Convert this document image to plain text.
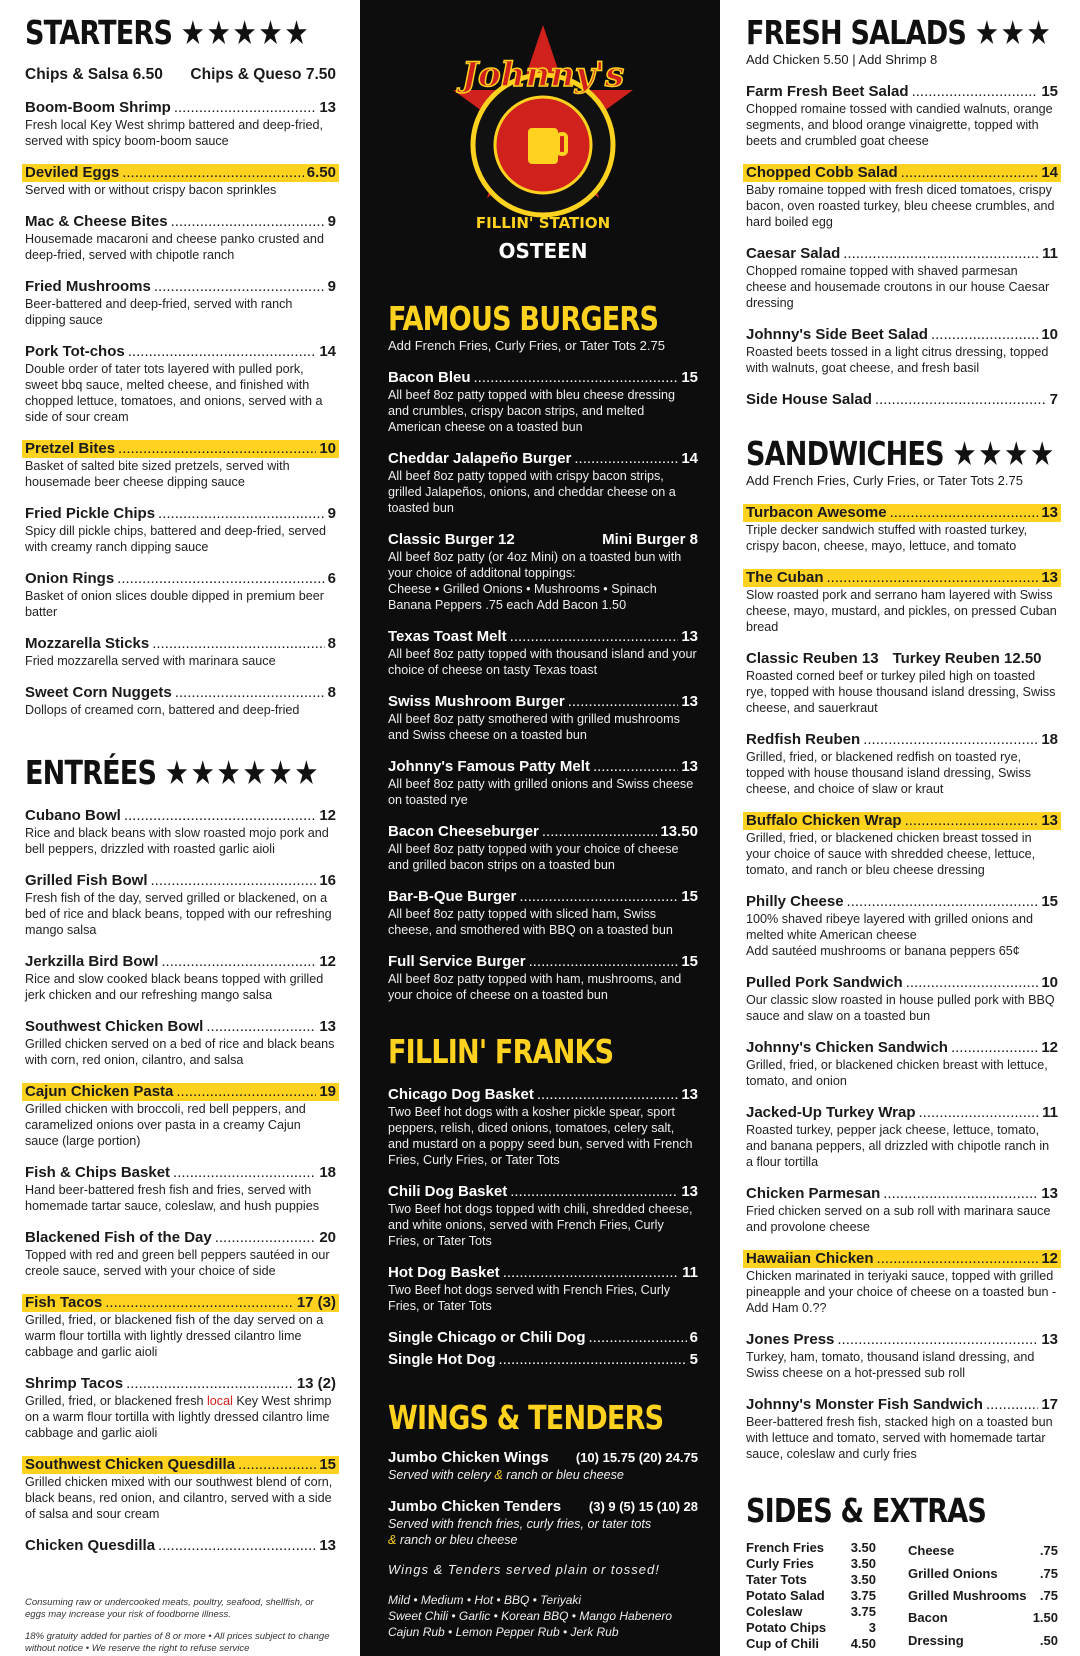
STARTERS ★★★★★
Chips & Salsa 6.50 Chips & Queso 7.50
Boom-Boom Shrimp .....	13
Fresh local Key West shrimp battered and deep-fried, served with spicy boom-boom sauce
Deviled Eggs .....	6.50
Served with or without crispy bacon sprinkles
Mac & Cheese Bites .....	9
Housemade macaroni and cheese panko crusted and deep-fried, served with chipotle ranch
Fried Mushrooms .....	9
Beer-battered and deep-fried, served with ranch dipping sauce
Pork Tot-chos .....	14
Double order of tater tots layered with pulled pork, sweet bbq sauce, melted cheese, and finished with chopped lettuce, tomatoes, and onions, served with a side of sour cream
Pretzel Bites .....	10
Basket of salted bite sized pretzels, served with housemade beer cheese dipping sauce
Fried Pickle Chips .....	9
Spicy dill pickle chips, battered and deep-fried, served with creamy ranch dipping sauce
Onion Rings .....	6
Basket of onion slices double dipped in premium beer batter
Mozzarella Sticks .....	8
Fried mozzarella served with marinara sauce
Sweet Corn Nuggets .....	8
Dollops of creamed corn, battered and deep-fried
ENTRÉES ★★★★★★
Cubano Bowl .....	12
Rice and black beans with slow roasted mojo pork and bell peppers, drizzled with roasted garlic aioli
Grilled Fish Bowl .....	16
Fresh fish of the day, served grilled or blackened, on a bed of rice and black beans, topped with our refreshing mango salsa
Jerkzilla Bird Bowl .....	12
Rice and slow cooked black beans topped with grilled jerk chicken and our refreshing mango salsa
Southwest Chicken Bowl .....	13
Grilled chicken served on a bed of rice and black beans with corn, red onion, cilantro, and salsa
Cajun Chicken Pasta .....	19
Grilled chicken with broccoli, red bell peppers, and caramelized onions over pasta in a creamy Cajun sauce (large portion)
Fish & Chips Basket .....	18
Hand beer-battered fresh fish and fries, served with homemade tartar sauce, coleslaw, and hush puppies
Blackened Fish of the Day .....	20
Topped with red and green bell peppers sautéed in our creole sauce, served with your choice of side
Fish Tacos .....	17 (3)
Grilled, fried, or blackened fish of the day served on a warm flour tortilla with lightly dressed cilantro lime cabbage and garlic aioli
Shrimp Tacos .....	13 (2)
Grilled, fried, or blackened fresh local Key West shrimp on a warm flour tortilla with lightly dressed cilantro lime cabbage and garlic aioli
Southwest Chicken Quesdilla .....	15
Grilled chicken mixed with our southwest blend of corn, black beans, red onion, and cilantro, served with a side of salsa and sour cream
Chicken Quesdilla .....	13
Consuming raw or undercooked meats, poultry, seafood, shellfish, or eggs may increase your risk of foodborne illness.
18% gratuity added for parties of 8 or more • All prices subject to change without notice • We reserve the right to refuse service
Johnny's
FILLIN' STATION
OSTEEN
FAMOUS BURGERS
Add French Fries, Curly Fries, or Tater Tots 2.75
Bacon Bleu .....	15
All beef 8oz patty topped with bleu cheese dressing and crumbles, crispy bacon strips, and melted American cheese on a toasted bun
Cheddar Jalapeño Burger .....	14
All beef 8oz patty topped with crispy bacon strips, grilled Jalapeños, onions, and cheddar cheese on a toasted bun
Classic Burger 12	Mini Burger 8
All beef 8oz patty (or 4oz Mini) on a toasted bun with your choice of additonal toppings:
Cheese • Grilled Onions • Mushrooms • Spinach
Banana Peppers .75 each Add Bacon 1.50
Texas Toast Melt .....	13
All beef 8oz patty topped with thousand island and your choice of cheese on tasty Texas toast
Swiss Mushroom Burger .....	13
All beef 8oz patty smothered with grilled mushrooms and Swiss cheese on a toasted bun
Johnny's Famous Patty Melt .....	13
All beef 8oz patty with grilled onions and Swiss cheese on toasted rye
Bacon Cheeseburger .....	13.50
All beef 8oz patty topped with your choice of cheese and grilled bacon strips on a toasted bun
Bar-B-Que Burger .....	15
All beef 8oz patty topped with sliced ham, Swiss cheese, and smothered with BBQ on a toasted bun
Full Service Burger .....	15
All beef 8oz patty topped with ham, mushrooms, and your choice of cheese on a toasted bun
FILLIN' FRANKS
Chicago Dog Basket .....	13
Two Beef hot dogs with a kosher pickle spear, sport peppers, relish, diced onions, tomatoes, celery salt, and mustard on a poppy seed bun, served with French Fries, Curly Fries, or Tater Tots
Chili Dog Basket .....	13
Two Beef hot dogs topped with chili, shredded cheese, and white onions, served with French Fries, Curly Fries, or Tater Tots
Hot Dog Basket .....	11
Two Beef hot dogs served with French Fries, Curly Fries, or Tater Tots
Single Chicago or Chili Dog .....	6
Single Hot Dog .....	5
WINGS & TENDERS
Jumbo Chicken Wings (10) 15.75 (20) 24.75
Served with celery & ranch or bleu cheese
Jumbo Chicken Tenders (3) 9 (5) 15 (10) 28
Served with french fries, curly fries, or tater tots
& ranch or bleu cheese
Wings & Tenders served plain or tossed!
Mild • Medium • Hot • BBQ • Teriyaki
Sweet Chili • Garlic • Korean BBQ • Mango Habenero
Cajun Rub • Lemon Pepper Rub • Jerk Rub
FRESH SALADS ★★★
Add Chicken 5.50 | Add Shrimp 8
Farm Fresh Beet Salad .....	15
Chopped romaine tossed with candied walnuts, orange segments, and blood orange vinaigrette, topped with beets and crumbled goat cheese
Chopped Cobb Salad .....	14
Baby romaine topped with fresh diced tomatoes, crispy bacon, oven roasted turkey, bleu cheese crumbles, and hard boiled egg
Caesar Salad .....	11
Chopped romaine topped with shaved parmesan cheese and housemade croutons in our house Caesar dressing
Johnny's Side Beet Salad .....	10
Roasted beets tossed in a light citrus dressing, topped with walnuts, goat cheese, and fresh basil
Side House Salad .....	7
SANDWICHES ★★★★
Add French Fries, Curly Fries, or Tater Tots 2.75
Turbacon Awesome .....	13
Triple decker sandwich stuffed with roasted turkey, crispy bacon, cheese, mayo, lettuce, and tomato
The Cuban .....	13
Slow roasted pork and serrano ham layered with Swiss cheese, mayo, mustard, and pickles, on pressed Cuban bread
Classic Reuben 13 Turkey Reuben 12.50
Roasted corned beef or turkey piled high on toasted rye, topped with house thousand island dressing, Swiss cheese, and sauerkraut
Redfish Reuben .....	18
Grilled, fried, or blackened redfish on toasted rye, topped with house thousand island dressing, Swiss cheese, and choice of slaw or kraut
Buffalo Chicken Wrap .....	13
Grilled, fried, or blackened chicken breast tossed in your choice of sauce with shredded cheese, lettuce, tomato, and ranch or bleu cheese dressing
Philly Cheese .....	15
100% shaved ribeye layered with grilled onions and melted white American cheese
Add sautéed mushrooms or banana peppers 65¢
Pulled Pork Sandwich .....	10
Our classic slow roasted in house pulled pork with BBQ sauce and slaw on a toasted bun
Johnny's Chicken Sandwich .....	12
Grilled, fried, or blackened chicken breast with lettuce, tomato, and onion
Jacked-Up Turkey Wrap .....	11
Roasted turkey, pepper jack cheese, lettuce, tomato, and banana peppers, all drizzled with chipotle ranch in a flour tortilla
Chicken Parmesan .....	13
Fried chicken served on a sub roll with marinara sauce and provolone cheese
Hawaiian Chicken .....	12
Chicken marinated in teriyaki sauce, topped with grilled pineapple and your choice of cheese on a toasted bun - Add Ham 0.??
Jones Press .....	13
Turkey, ham, tomato, thousand island dressing, and Swiss cheese on a hot-pressed sub roll
Johnny's Monster Fish Sandwich .....	17
Beer-battered fresh fish, stacked high on a toasted bun with lettuce and tomato, served with homemade tartar sauce, coleslaw and curly fries
SIDES & EXTRAS
French Fries	3.50
Curly Fries	3.50
Tater Tots	3.50
Potato Salad	3.75
Coleslaw	3.75
Potato Chips	3
Cup of Chili	4.50
Cheese	.75
Grilled Onions	.75
Grilled Mushrooms	.75
Bacon	1.50
Dressing	.50
